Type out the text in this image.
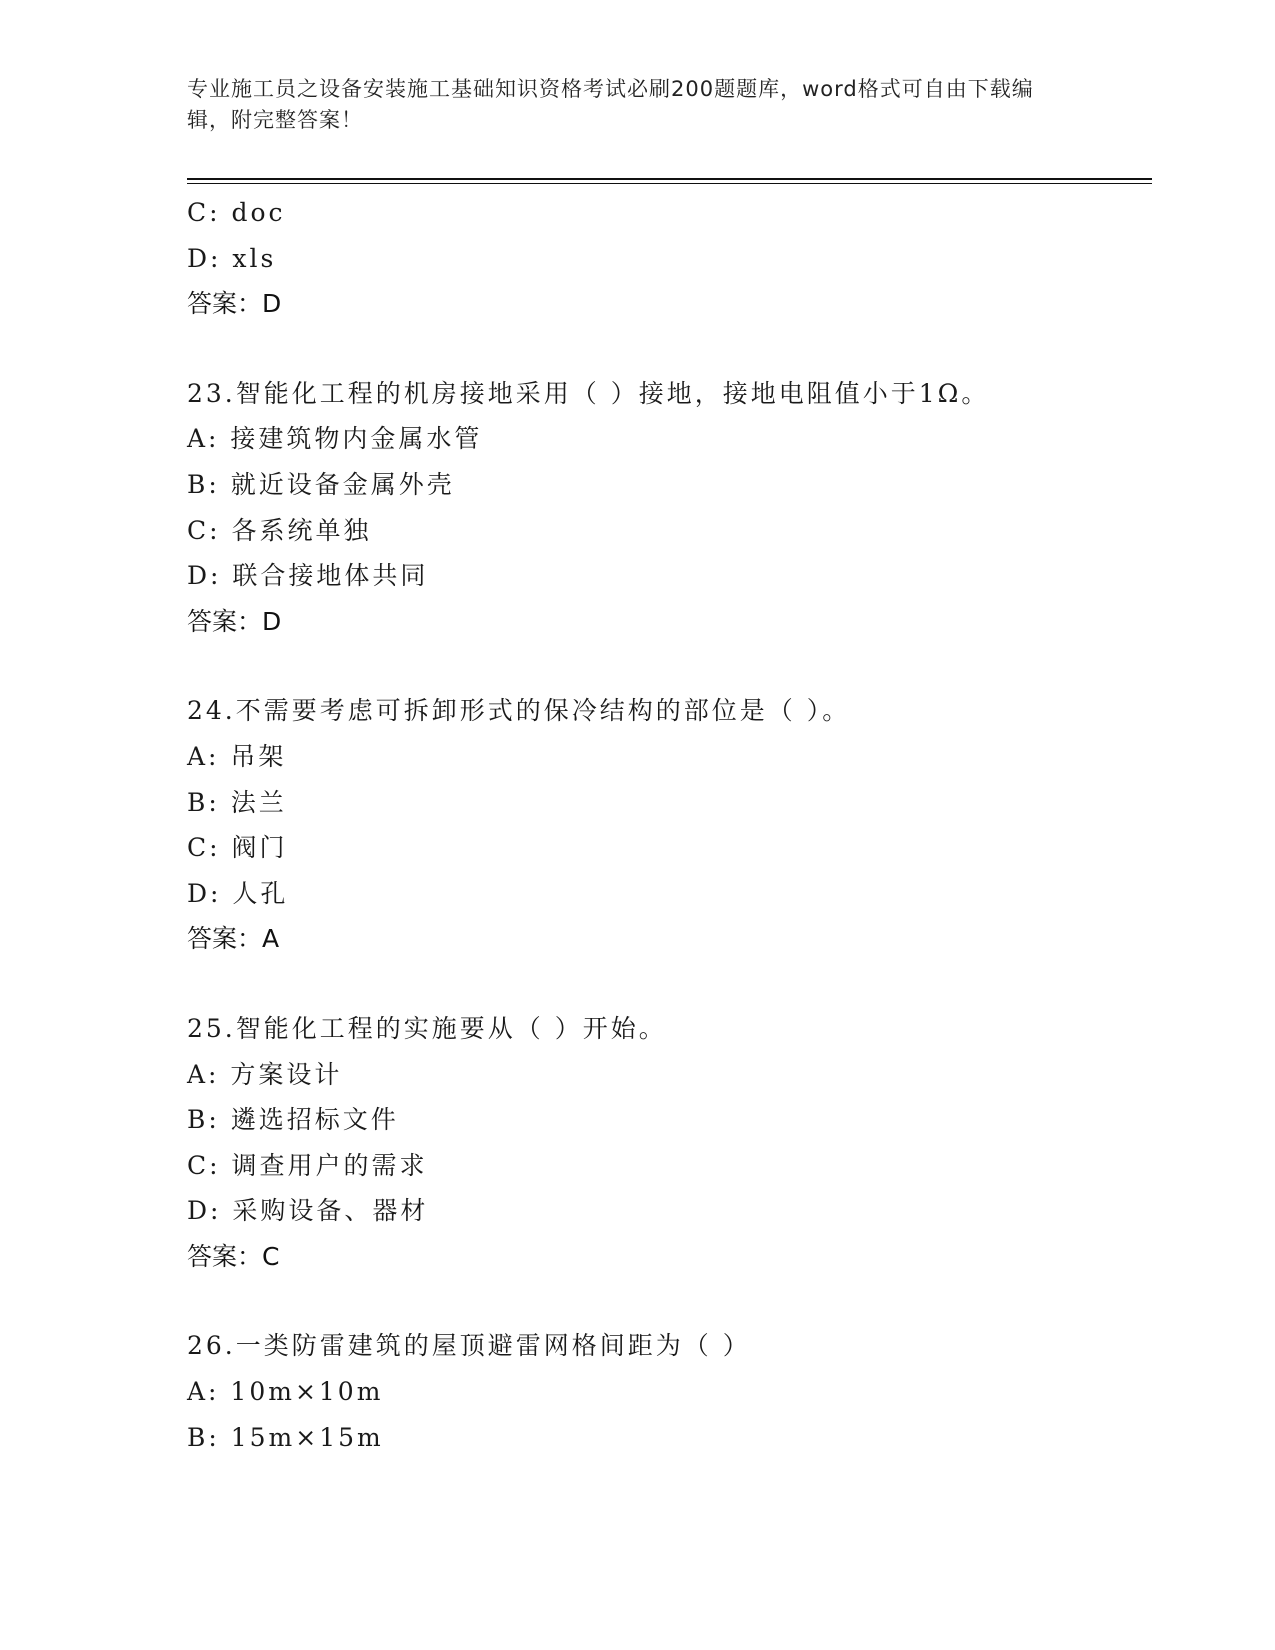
专业施工员之设备安装施工基础知识资格考试必刷200题题库，word格式可自由下载编辑，附完整答案！
C: doc
D: xls
答案：D
23.智能化工程的机房接地采用（ ）接地，接地电阻值小于1Ω。
A: 接建筑物内金属水管
B: 就近设备金属外壳
C: 各系统单独
D: 联合接地体共同
答案：D
24.不需要考虑可拆卸形式的保冷结构的部位是（ ）。
A: 吊架
B: 法兰
C: 阀门
D: 人孔
答案：A
25.智能化工程的实施要从（ ）开始。
A: 方案设计
B: 遴选招标文件
C: 调查用户的需求
D: 采购设备、器材
答案：C
26.一类防雷建筑的屋顶避雷网格间距为（ ）
A: 10m×10m
B: 15m×15m
